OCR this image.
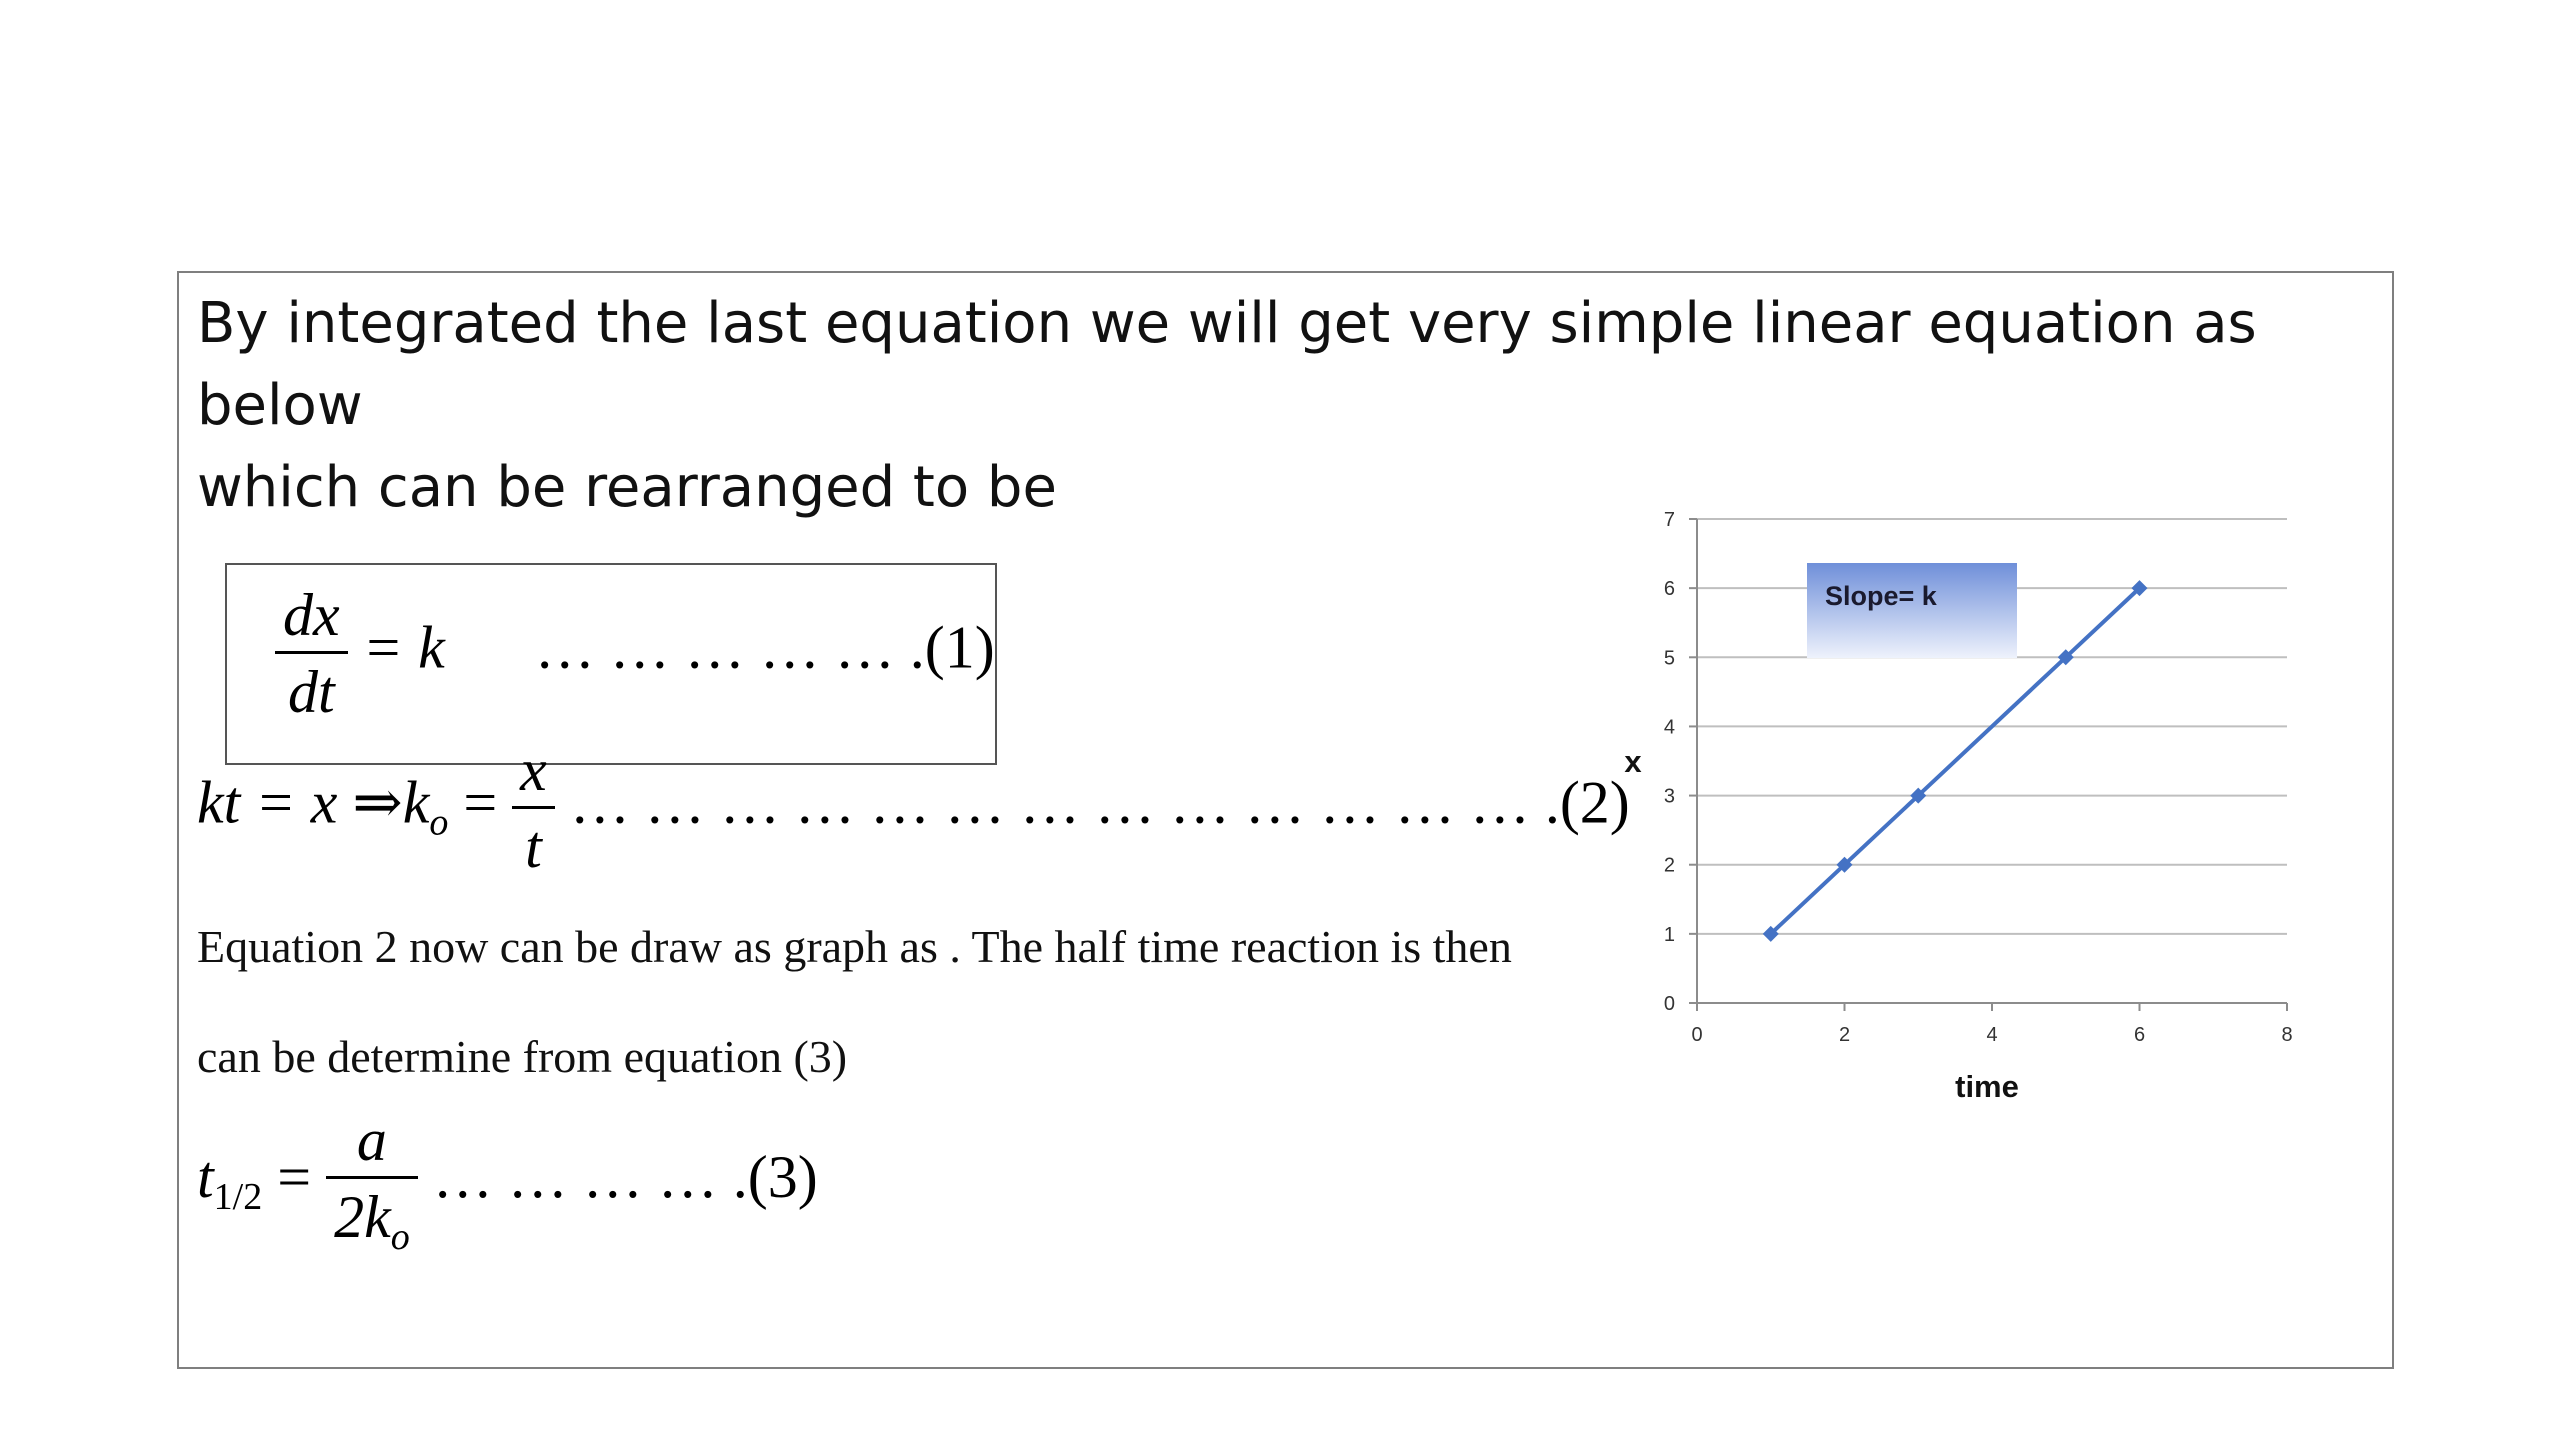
By integrated the last equation we will get very simple linear equation as below
which can be rearranged to be
$\frac{dx}{dt} = k$ … … … … … .(1)
kt = x $\Rightarrow k_o = \frac{x}{t}$ … … … … … … … … … … … … … .(2)
Equation 2 now can be draw as graph as . The half time reaction is then
can be determine from equation (3)
$t_{1/2} = \frac{a}{2k_o}$ … … … … .(3)
0
1
2
3
4
5
6
7
0	2	4	6	8
Slope= k
time
x
